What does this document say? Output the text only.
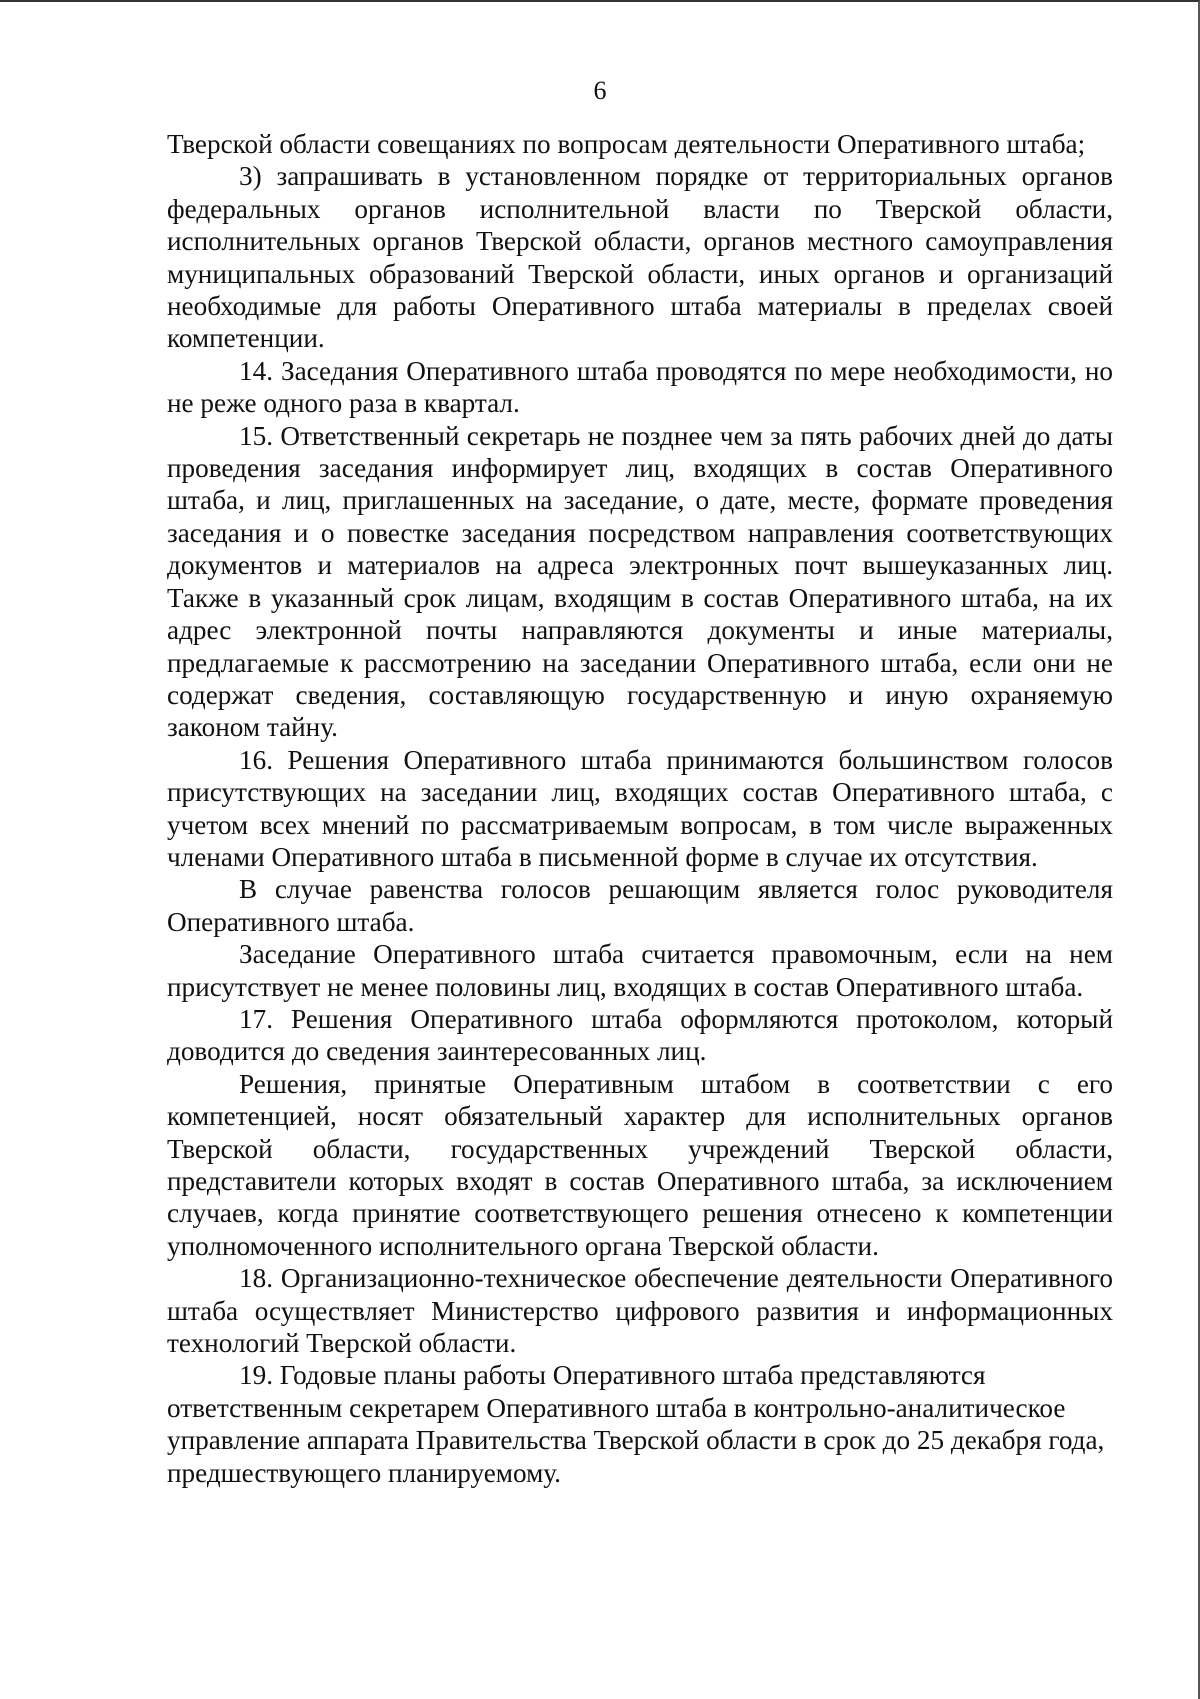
6

Тверской области совещаниях по вопросам деятельности Оперативного штаба;

3) запрашивать в установленном порядке от территориальных органов федеральных органов исполнительной власти по Тверской области, исполнительных органов Тверской области, органов местного самоуправления муниципальных образований Тверской области, иных органов и организаций необходимые для работы Оперативного штаба материалы в пределах своей компетенции.

14. Заседания Оперативного штаба проводятся по мере необходимости, но не реже одного раза в квартал.

15. Ответственный секретарь не позднее чем за пять рабочих дней до даты проведения заседания информирует лиц, входящих в состав Оперативного штаба, и лиц, приглашенных на заседание, о дате, месте, формате проведения заседания и о повестке заседания посредством направления соответствующих документов и материалов на адреса электронных почт вышеуказанных лиц. Также в указанный срок лицам, входящим в состав Оперативного штаба, на их адрес электронной почты направляются документы и иные материалы, предлагаемые к рассмотрению на заседании Оперативного штаба, если они не содержат сведения, составляющую государственную и иную охраняемую законом тайну.

16. Решения Оперативного штаба принимаются большинством голосов присутствующих на заседании лиц, входящих состав Оперативного штаба, с учетом всех мнений по рассматриваемым вопросам, в том числе выраженных членами Оперативного штаба в письменной форме в случае их отсутствия.

В случае равенства голосов решающим является голос руководителя Оперативного штаба.

Заседание Оперативного штаба считается правомочным, если на нем присутствует не менее половины лиц, входящих в состав Оперативного штаба.

17. Решения Оперативного штаба оформляются протоколом, который доводится до сведения заинтересованных лиц.

Решения, принятые Оперативным штабом в соответствии с его компетенцией, носят обязательный характер для исполнительных органов Тверской области, государственных учреждений Тверской области, представители которых входят в состав Оперативного штаба, за исключением случаев, когда принятие соответствующего решения отнесено к компетенции уполномоченного исполнительного органа Тверской области.

18. Организационно-техническое обеспечение деятельности Оперативного штаба осуществляет Министерство цифрового развития и информационных технологий Тверской области.

19. Годовые планы работы Оперативного штаба представляются ответственным секретарем Оперативного штаба в контрольно-аналитическое управление аппарата Правительства Тверской области в срок до 25 декабря года, предшествующего планируемому.
